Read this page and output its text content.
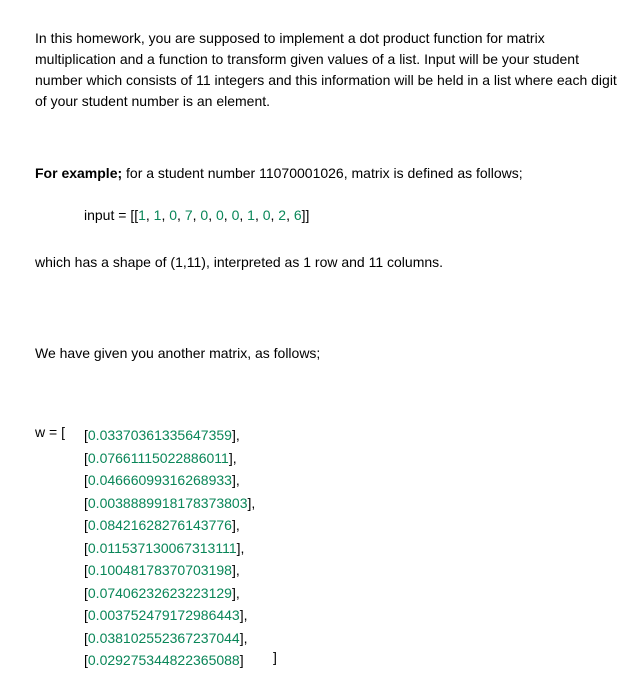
In this homework, you are supposed to implement a dot product function for matrix multiplication and a function to transform given values of a list. Input will be your student number which consists of 11 integers and this information will be held in a list where each digit of your student number is an element.

For example; for a student number 11070001026, matrix is defined as follows;

input = [[1, 1, 0, 7, 0, 0, 0, 1, 0, 2, 6]]

which has a shape of (1,11), interpreted as 1 row and 11 columns.

We have given you another matrix, as follows;

w = [ [0.03370361335647359],
[0.07661115022886011],
[0.04666099316268933],
[0.0038889918178373803],
[0.08421628276143776],
[0.011537130067313111],
[0.10048178370703198],
[0.07406232623223129],
[0.003752479172986443],
[0.038102552367237044],
[0.029275344822365088]	]
